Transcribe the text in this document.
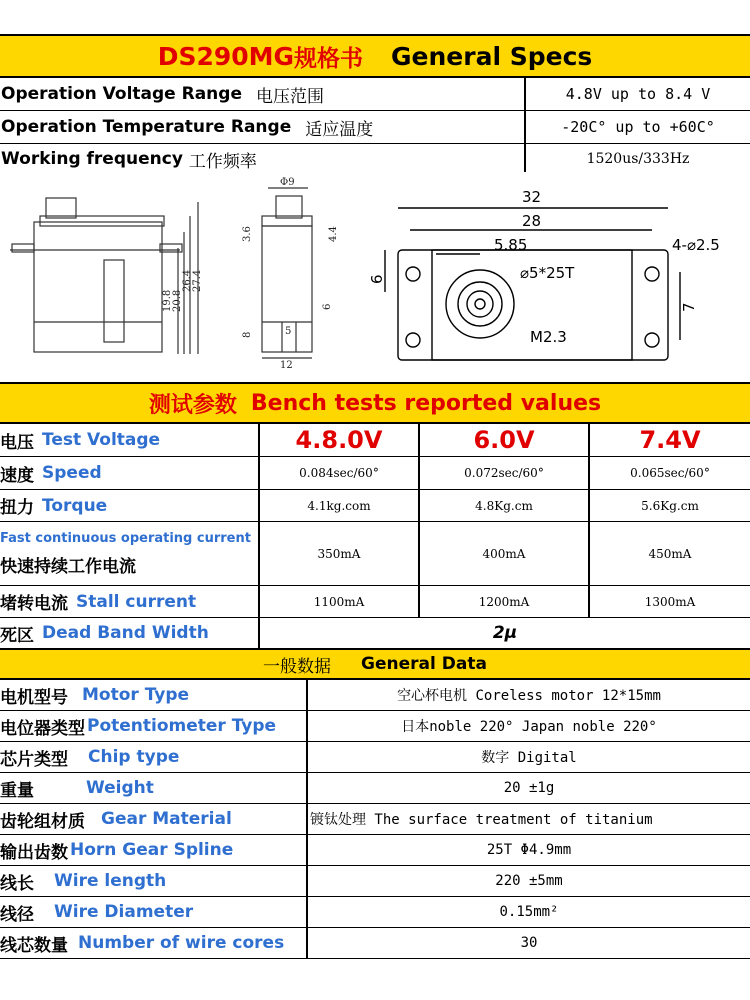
DS290MG 规格书 General Specs
Operation Voltage Range 电压范围	4.8V up to 8.4 V
Operation Temperature Range 适应温度	-20C° up to +60C°
Working frequency 工作频率	1520us/333Hz
19.8 20.8
26.4 27.4
Φ9
3.6	4.4
8
6
5
12
32
28
5.85	4-⌀2.5
⌀5*25T
M2.3
6
7
测试参数 Bench tests reported values
电压 Test Voltage	4.8.0V	6.0V	7.4V
速度 Speed	0.084sec/60°	0.072sec/60°	0.065sec/60°
扭力 Torque	4.1kg.com	4.8Kg.cm	5.6Kg.cm
Fast continuous operating current
快速持续工作电流
350mA	400mA	450mA
堵转电流 Stall current	1100mA	1200mA	1300mA
死区 Dead Band Width	2μ
一般数据 General Data
电机型号 Motor Type	空心杯电机 Coreless motor 12*15mm
电位器类型 Potentiometer Type	日本noble 220° Japan noble 220°
芯片类型 Chip type	数字 Digital
重量	Weight	20 ±1g
齿轮组材质 Gear Material	镀钛处理 The surface treatment of titanium
输出齿数 Horn Gear Spline	25T Φ4.9mm
线长 Wire length	220 ±5mm
线径 Wire Diameter	0.15mm²
线芯数量 Number of wire cores	30
